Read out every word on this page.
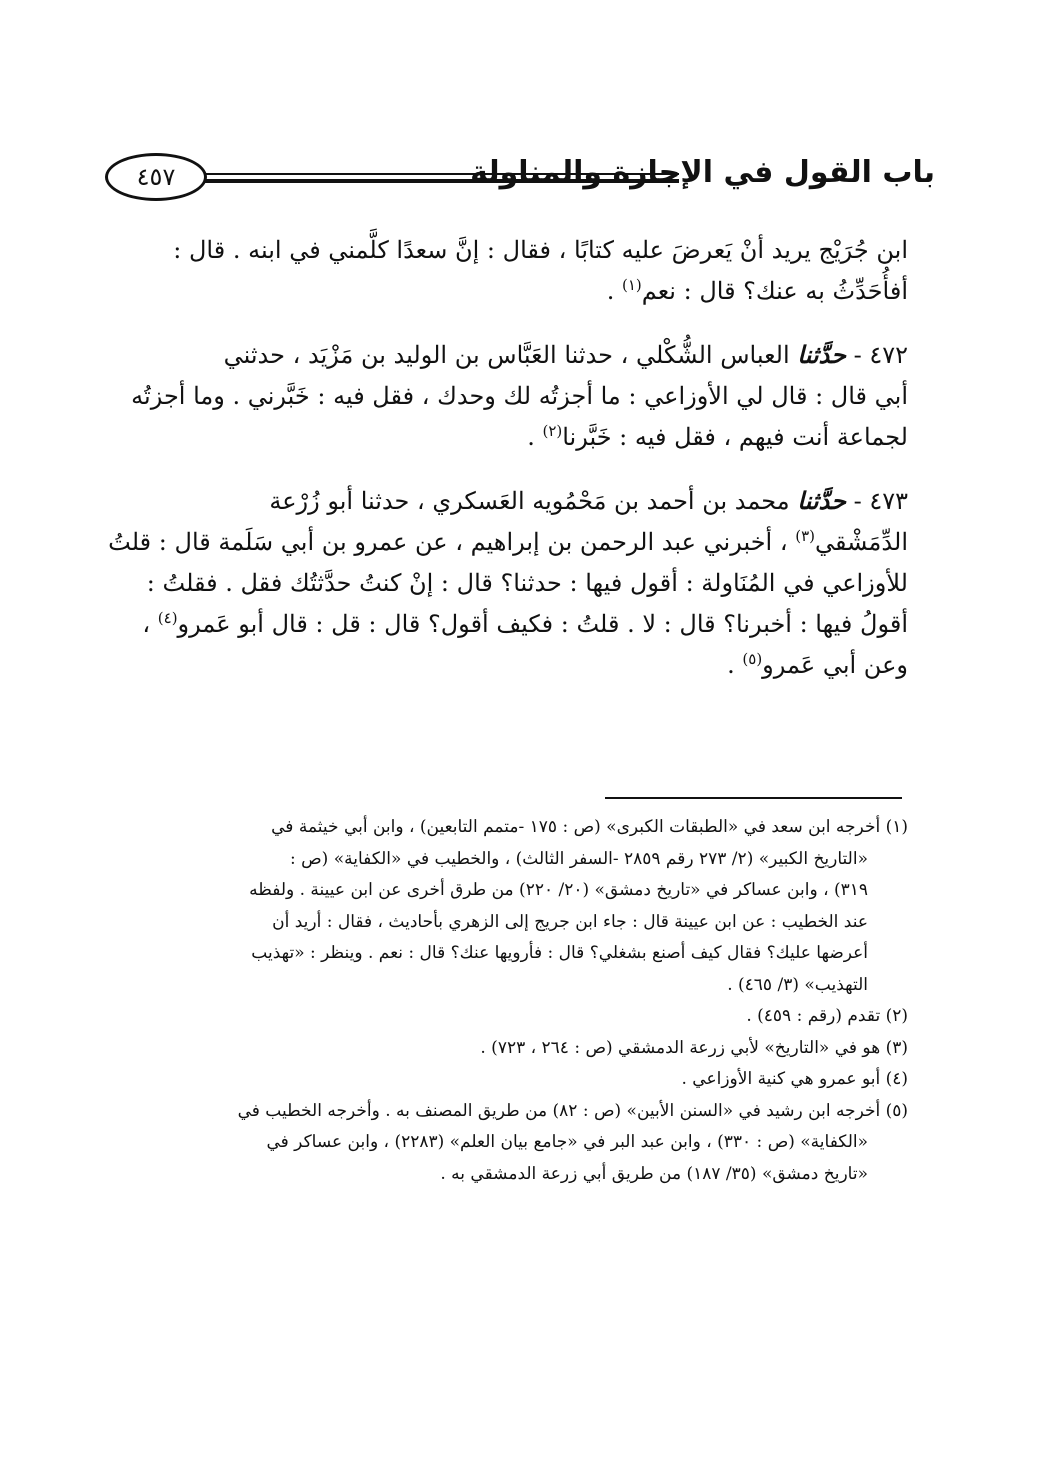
٤٥٧	باب القول في الإجازة والمناولة

ابن جُرَيْج يريد أنْ يَعرضَ عليه كتابًا ، فقال : إنَّ سعدًا كلَّمني في ابنه . قال :
أفأُحَدِّثُ به عنك؟ قال : نعم$^{(١)}$ .

٤٧٢ - حدَّثنا العباس الشُّكْلي ، حدثنا العَبَّاس بن الوليد بن مَزْيَد ، حدثني
أبي قال : قال لي الأوزاعي : ما أجزتُه لك وحدك ، فقل فيه : خَبَّرني . وما أجزتُه
لجماعة أنت فيهم ، فقل فيه : خَبَّرنا$^{(٢)}$ .

٤٧٣ - حدَّثنا محمد بن أحمد بن مَحْمُويه العَسكري ، حدثنا أبو زُرْعة
الدِّمَشْقي$^{(٣)}$ ، أخبرني عبد الرحمن بن إبراهيم ، عن عمرو بن أبي سَلَمة قال : قلتُ
للأوزاعي في المُنَاولة : أقول فيها : حدثنا؟ قال : إنْ كنتُ حدَّثتُك فقل . فقلتُ :
أقولُ فيها : أخبرنا؟ قال : لا . قلتُ : فكيف أقول؟ قال : قل : قال أبو عَمرو$^{(٤)}$ ،
وعن أبي عَمرو$^{(٥)}$ .

(١) أخرجه ابن سعد في «الطبقات الكبرى» (ص : ١٧٥ -متمم التابعين) ، وابن أبي خيثمة في
«التاريخ الكبير» (٢/ ٢٧٣ رقم ٢٨٥٩ -السفر الثالث) ، والخطيب في «الكفاية» (ص :
٣١٩) ، وابن عساكر في «تاريخ دمشق» (٢٠/ ٢٢٠) من طرق أخرى عن ابن عيينة . ولفظه
عند الخطيب : عن ابن عيينة قال : جاء ابن جريج إلى الزهري بأحاديث ، فقال : أريد أن
أعرضها عليك؟ فقال كيف أصنع بشغلي؟ قال : فأرويها عنك؟ قال : نعم . وينظر : «تهذيب
التهذيب» (٣/ ٤٦٥) .
(٢) تقدم (رقم : ٤٥٩) .
(٣) هو في «التاريخ» لأبي زرعة الدمشقي (ص : ٢٦٤ ، ٧٢٣) .
(٤) أبو عمرو هي كنية الأوزاعي .
(٥) أخرجه ابن رشيد في «السنن الأبين» (ص : ٨٢) من طريق المصنف به . وأخرجه الخطيب في
«الكفاية» (ص : ٣٣٠) ، وابن عبد البر في «جامع بيان العلم» (٢٢٨٣) ، وابن عساكر في
«تاريخ دمشق» (٣٥/ ١٨٧) من طريق أبي زرعة الدمشقي به .
